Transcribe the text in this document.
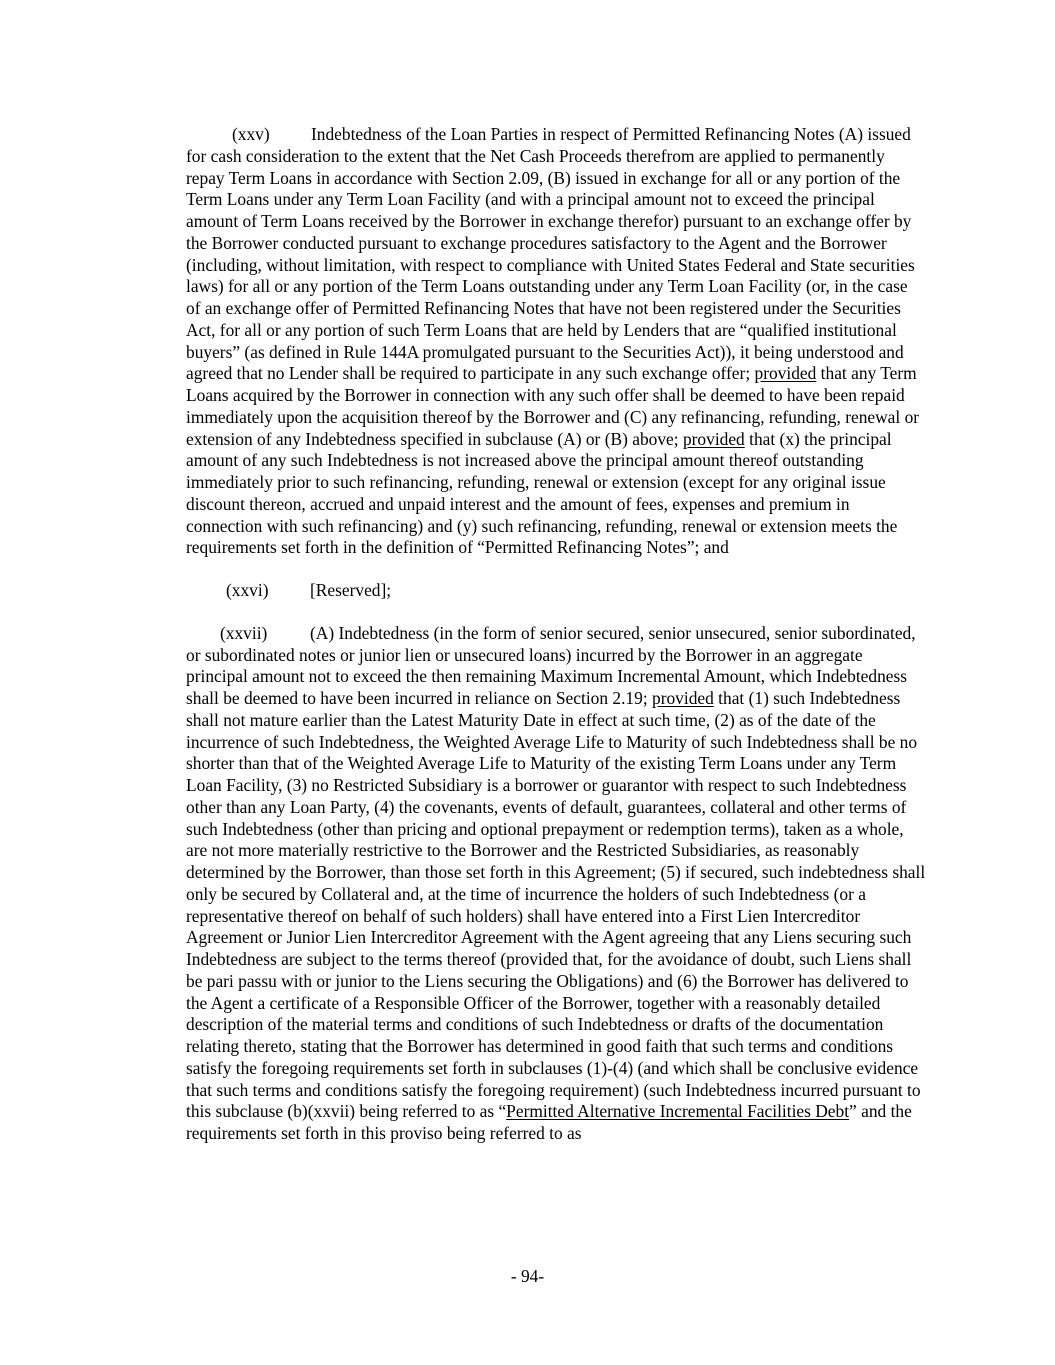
(xxv) Indebtedness of the Loan Parties in respect of Permitted Refinancing Notes (A) issued for cash consideration to the extent that the Net Cash Proceeds therefrom are applied to permanently repay Term Loans in accordance with Section 2.09, (B) issued in exchange for all or any portion of the Term Loans under any Term Loan Facility (and with a principal amount not to exceed the principal amount of Term Loans received by the Borrower in exchange therefor) pursuant to an exchange offer by the Borrower conducted pursuant to exchange procedures satisfactory to the Agent and the Borrower (including, without limitation, with respect to compliance with United States Federal and State securities laws) for all or any portion of the Term Loans outstanding under any Term Loan Facility (or, in the case of an exchange offer of Permitted Refinancing Notes that have not been registered under the Securities Act, for all or any portion of such Term Loans that are held by Lenders that are “qualified institutional buyers” (as defined in Rule 144A promulgated pursuant to the Securities Act)), it being understood and agreed that no Lender shall be required to participate in any such exchange offer; provided that any Term Loans acquired by the Borrower in connection with any such offer shall be deemed to have been repaid immediately upon the acquisition thereof by the Borrower and (C) any refinancing, refunding, renewal or extension of any Indebtedness specified in subclause (A) or (B) above; provided that (x) the principal amount of any such Indebtedness is not increased above the principal amount thereof outstanding immediately prior to such refinancing, refunding, renewal or extension (except for any original issue discount thereon, accrued and unpaid interest and the amount of fees, expenses and premium in connection with such refinancing) and (y) such refinancing, refunding, renewal or extension meets the requirements set forth in the definition of “Permitted Refinancing Notes”; and

(xxvi) [Reserved];

(xxvii) (A) Indebtedness (in the form of senior secured, senior unsecured, senior subordinated, or subordinated notes or junior lien or unsecured loans) incurred by the Borrower in an aggregate principal amount not to exceed the then remaining Maximum Incremental Amount, which Indebtedness shall be deemed to have been incurred in reliance on Section 2.19; provided that (1) such Indebtedness shall not mature earlier than the Latest Maturity Date in effect at such time, (2) as of the date of the incurrence of such Indebtedness, the Weighted Average Life to Maturity of such Indebtedness shall be no shorter than that of the Weighted Average Life to Maturity of the existing Term Loans under any Term Loan Facility, (3) no Restricted Subsidiary is a borrower or guarantor with respect to such Indebtedness other than any Loan Party, (4) the covenants, events of default, guarantees, collateral and other terms of such Indebtedness (other than pricing and optional prepayment or redemption terms), taken as a whole, are not more materially restrictive to the Borrower and the Restricted Subsidiaries, as reasonably determined by the Borrower, than those set forth in this Agreement; (5) if secured, such indebtedness shall only be secured by Collateral and, at the time of incurrence the holders of such Indebtedness (or a representative thereof on behalf of such holders) shall have entered into a First Lien Intercreditor Agreement or Junior Lien Intercreditor Agreement with the Agent agreeing that any Liens securing such Indebtedness are subject to the terms thereof (provided that, for the avoidance of doubt, such Liens shall be pari passu with or junior to the Liens securing the Obligations) and (6) the Borrower has delivered to the Agent a certificate of a Responsible Officer of the Borrower, together with a reasonably detailed description of the material terms and conditions of such Indebtedness or drafts of the documentation relating thereto, stating that the Borrower has determined in good faith that such terms and conditions satisfy the foregoing requirements set forth in subclauses (1)-(4) (and which shall be conclusive evidence that such terms and conditions satisfy the foregoing requirement) (such Indebtedness incurred pursuant to this subclause (b)(xxvii) being referred to as “Permitted Alternative Incremental Facilities Debt” and the requirements set forth in this proviso being referred to as

- 94-
